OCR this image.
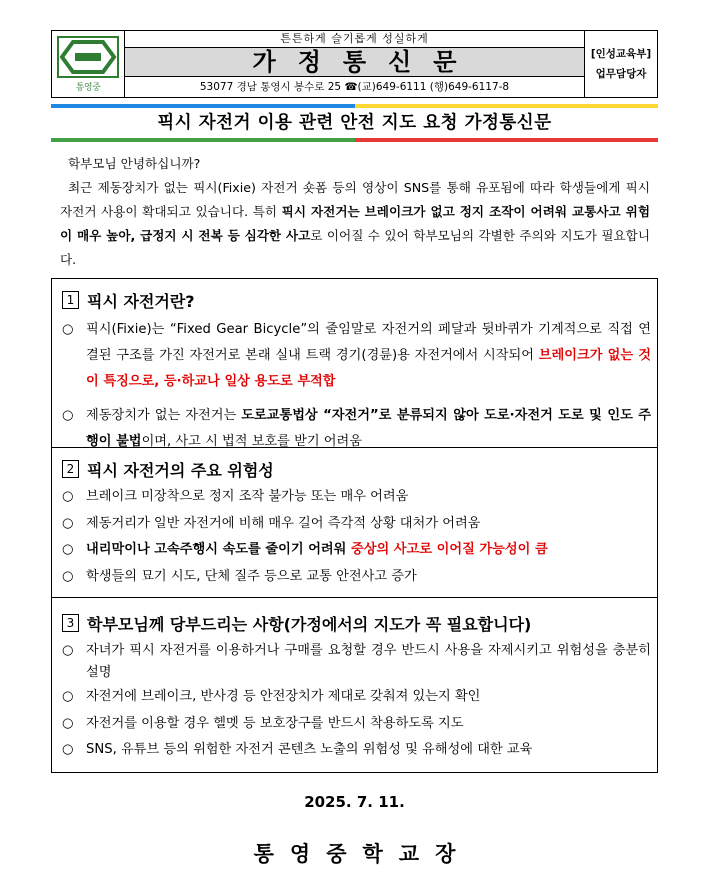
통영중
튼튼하게 슬기롭게 성실하게
가정통신문
53077 경남 통영시 봉수로 25 ☎(교)649-6111 (행)649-6117-8
[인성교육부]
업무담당자
픽시 자전거 이용 관련 안전 지도 요청 가정통신문

학부모님 안녕하십니까?

최근 제동장치가 없는 픽시(Fixie) 자전거 숏폼 등의 영상이 SNS를 통해 유포됨에 따라 학생들에게 픽시 자전거 사용이 확대되고 있습니다. 특히 픽시 자전거는 브레이크가 없고 정지 조작이 어려워 교통사고 위험이 매우 높아, 급정지 시 전복 등 심각한 사고로 이어질 수 있어 학부모님의 각별한 주의와 지도가 필요합니다.

1 픽시 자전거란?
○ 픽시(Fixie)는 “Fixed Gear Bicycle”의 줄임말로 자전거의 페달과 뒷바퀴가 기계적으로 직접 연결된 구조를 가진 자전거로 본래 실내 트랙 경기(경륜)용 자전거에서 시작되어 브레이크가 없는 것이 특징으로, 등·하교나 일상 용도로 부적합
○ 제동장치가 없는 자전거는 도로교통법상 “자전거”로 분류되지 않아 도로·자전거 도로 및 인도 주행이 불법이며, 사고 시 법적 보호를 받기 어려움
2 픽시 자전거의 주요 위험성
○ 브레이크 미장착으로 정지 조작 불가능 또는 매우 어려움
○ 제동거리가 일반 자전거에 비해 매우 길어 즉각적 상황 대처가 어려움
○ 내리막이나 고속주행시 속도를 줄이기 어려워 중상의 사고로 이어질 가능성이 큼
○ 학생들의 묘기 시도, 단체 질주 등으로 교통 안전사고 증가
3 학부모님께 당부드리는 사항(가정에서의 지도가 꼭 필요합니다)
○ 자녀가 픽시 자전거를 이용하거나 구매를 요청할 경우 반드시 사용을 자제시키고 위험성을 충분히 설명
○ 자전거에 브레이크, 반사경 등 안전장치가 제대로 갖춰져 있는지 확인
○ 자전거를 이용할 경우 헬멧 등 보호장구를 반드시 착용하도록 지도
○ SNS, 유튜브 등의 위험한 자전거 콘텐츠 노출의 위험성 및 유해성에 대한 교육
2025. 7. 11.
통영중학교장
